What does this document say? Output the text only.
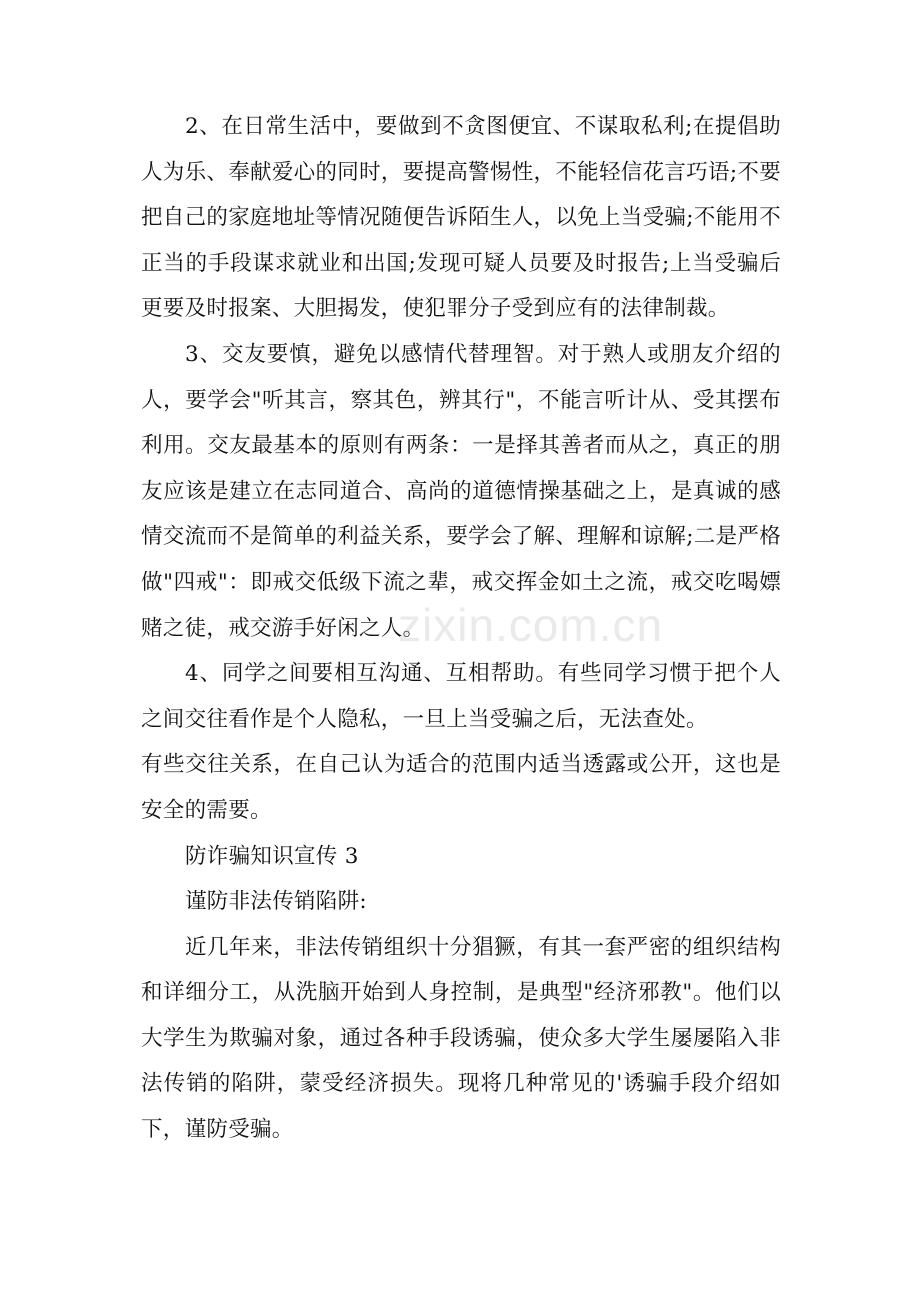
2、在日常生活中，要做到不贪图便宜、不谋取私利;在提倡助人为乐、奉献爱心的同时，要提高警惕性，不能轻信花言巧语;不要把自己的家庭地址等情况随便告诉陌生人，以免上当受骗;不能用不正当的手段谋求就业和出国;发现可疑人员要及时报告;上当受骗后更要及时报案、大胆揭发，使犯罪分子受到应有的法律制裁。

3、交友要慎，避免以感情代替理智。对于熟人或朋友介绍的人，要学会"听其言，察其色，辨其行"，不能言听计从、受其摆布利用。交友最基本的原则有两条：一是择其善者而从之，真正的朋友应该是建立在志同道合、高尚的道德情操基础之上，是真诚的感情交流而不是简单的利益关系，要学会了解、理解和谅解;二是严格做"四戒"：即戒交低级下流之辈，戒交挥金如土之流，戒交吃喝嫖赌之徒，戒交游手好闲之人。

4、同学之间要相互沟通、互相帮助。有些同学习惯于把个人之间交往看作是个人隐私，一旦上当受骗之后，无法查处。

有些交往关系，在自己认为适合的范围内适当透露或公开，这也是安全的需要。

防诈骗知识宣传 3

谨防非法传销陷阱:

近几年来，非法传销组织十分猖獗，有其一套严密的组织结构和详细分工，从洗脑开始到人身控制，是典型"经济邪教"。他们以大学生为欺骗对象，通过各种手段诱骗，使众多大学生屡屡陷入非法传销的陷阱，蒙受经济损失。现将几种常见的'诱骗手段介绍如下，谨防受骗。

zixin.com.cn
